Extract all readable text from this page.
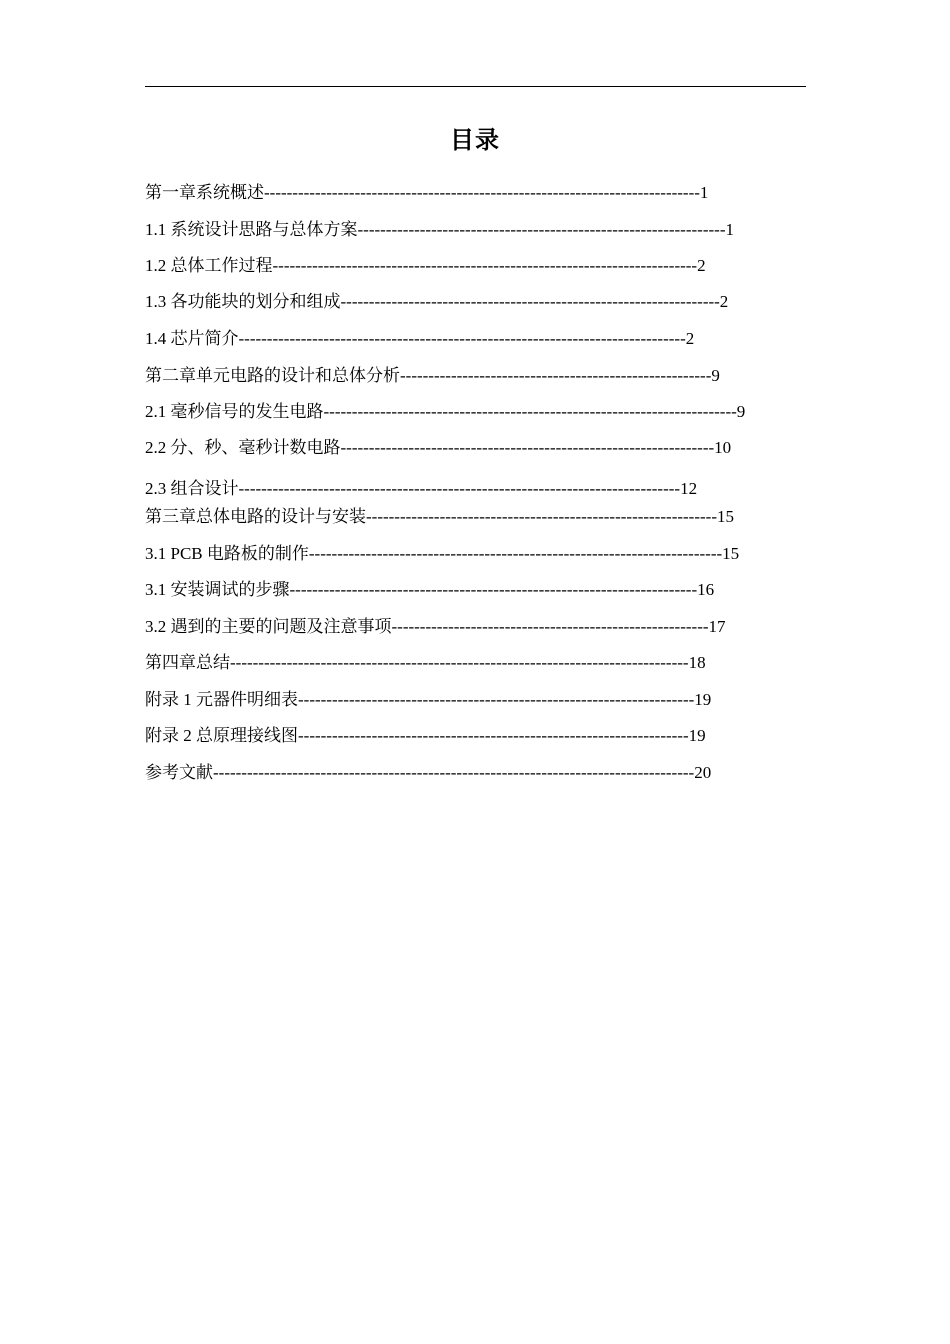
目录
第一章系统概述-----------------------------------------------------------------------------1
1.1 系统设计思路与总体方案-----------------------------------------------------------------1
1.2 总体工作过程---------------------------------------------------------------------------2
1.3 各功能块的划分和组成-------------------------------------------------------------------2
1.4 芯片简介-------------------------------------------------------------------------------2
第二章单元电路的设计和总体分析-------------------------------------------------------9
2.1 毫秒信号的发生电路-------------------------------------------------------------------------9
2.2 分、秒、毫秒计数电路------------------------------------------------------------------10
2.3 组合设计------------------------------------------------------------------------------12
第三章总体电路的设计与安装--------------------------------------------------------------15
3.1 PCB 电路板的制作-------------------------------------------------------------------------15
3.1 安装调试的步骤------------------------------------------------------------------------16
3.2 遇到的主要的问题及注意事项--------------------------------------------------------17
第四章总结---------------------------------------------------------------------------------18
附录 1 元器件明细表----------------------------------------------------------------------19
附录 2 总原理接线图---------------------------------------------------------------------19
参考文献-------------------------------------------------------------------------------------20
